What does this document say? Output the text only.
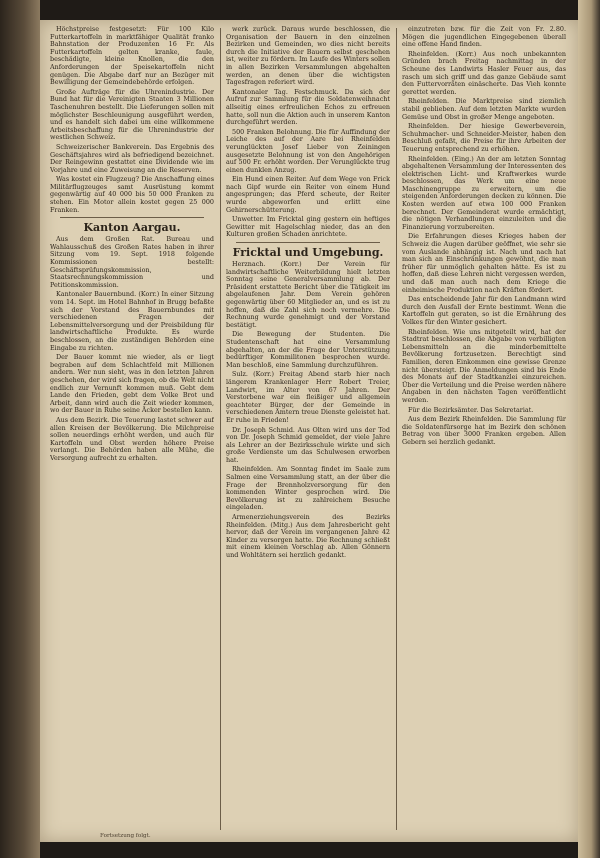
Höchstpreise festgesetzt: Für 100 Kilo Futterkartoffeln in marktfähiger Qualität franko Bahnstation der Produzenten 16 Fr. Als Futterkartoffeln gelten kranke, faule, beschädigte, kleine Knollen, die den Anforderungen der Speisekartoffeln nicht genügen. Die Abgabe darf nur an Bezüger mit Bewilligung der Gemeindebehörde erfolgen.

Große Aufträge für die Uhrenindustrie. Der Bund hat für die Vereinigten Staaten 3 Millionen Taschenuhren bestellt. Die Lieferungen sollen mit möglichster Beschleunigung ausgeführt werden, und es handelt sich dabei um eine willkommene Arbeitsbeschaffung für die Uhrenindustrie der westlichen Schweiz.

Schweizerischer Bankverein. Das Ergebnis des Geschäftsjahres wird als befriedigend bezeichnet. Der Reingewinn gestattet eine Dividende wie im Vorjahre und eine Zuweisung an die Reserven.

Was kostet ein Flugzeug? Die Anschaffung eines Militärflugzeuges samt Ausrüstung kommt gegenwärtig auf 40 000 bis 50 000 Franken zu stehen. Ein Motor allein kostet gegen 25 000 Franken.

Kanton Aargau.

Aus dem Großen Rat. Bureau und Wahlausschuß des Großen Rates haben in ihrer Sitzung vom 19. Sept. 1918 folgende Kommissionen bestellt: Geschäftsprüfungskommission, Staatsrechnungskommission und Petitionskommission.

Kantonaler Bauernbund. (Korr.) In einer Sitzung vom 14. Sept. im Hotel Bahnhof in Brugg befaßte sich der Vorstand des Bauernbundes mit verschiedenen Fragen der Lebensmittelversorgung und der Preisbildung für landwirtschaftliche Produkte. Es wurde beschlossen, an die zuständigen Behörden eine Eingabe zu richten.

Der Bauer kommt nie wieder, als er liegt begraben auf dem Schlachtfeld mit Millionen andern. Wer nun sieht, was in den letzten Jahren geschehen, der wird sich fragen, ob die Welt nicht endlich zur Vernunft kommen muß. Gebt dem Lande den Frieden, gebt dem Volke Brot und Arbeit, dann wird auch die Zeit wieder kommen, wo der Bauer in Ruhe seine Äcker bestellen kann.

Aus dem Bezirk. Die Teuerung lastet schwer auf allen Kreisen der Bevölkerung. Die Milchpreise sollen neuerdings erhöht werden, und auch für Kartoffeln und Obst werden höhere Preise verlangt. Die Behörden haben alle Mühe, die Versorgung aufrecht zu erhalten.

werk zurück. Daraus wurde beschlossen, die Organisation der Bauern in den einzelnen Bezirken und Gemeinden, wo dies nicht bereits durch die Initiative der Bauern selbst geschehen ist, weiter zu fördern. Im Laufe des Winters sollen in allen Bezirken Versammlungen abgehalten werden, an denen über die wichtigsten Tagesfragen referiert wird.

Kantonaler Tag. Festschmuck. Da sich der Aufruf zur Sammlung für die Soldatenweihnacht allseitig eines erfreulichen Echos zu erfreuen hatte, soll nun die Aktion auch in unserem Kanton durchgeführt werden.

500 Franken Belohnung. Die für Auffindung der Leiche des auf der Aare bei Rheinfelden verunglückten Josef Lieber von Zeiningen ausgesetzte Belohnung ist von den Angehörigen auf 500 Fr. erhöht worden. Der Verunglückte trug einen dunklen Anzug.

Ein Hund einen Reiter. Auf dem Wege von Frick nach Gipf wurde ein Reiter von einem Hund angesprungen; das Pferd scheute, der Reiter wurde abgeworfen und erlitt eine Gehirnerschütterung.

Unwetter. Im Fricktal ging gestern ein heftiges Gewitter mit Hagelschlag nieder, das an den Kulturen großen Schaden anrichtete.

Fricktal und Umgebung.

Herznach. (Korr.) Der Verein für landwirtschaftliche Weiterbildung hielt letzten Sonntag seine Generalversammlung ab. Der Präsident erstattete Bericht über die Tätigkeit im abgelaufenen Jahr. Dem Verein gehören gegenwärtig über 60 Mitglieder an, und es ist zu hoffen, daß die Zahl sich noch vermehre. Die Rechnung wurde genehmigt und der Vorstand bestätigt.

Die Bewegung der Studenten. Die Studentenschaft hat eine Versammlung abgehalten, an der die Frage der Unterstützung bedürftiger Kommilitonen besprochen wurde. Man beschloß, eine Sammlung durchzuführen.

Sulz. (Korr.) Freitag Abend starb hier nach längerem Krankenlager Herr Robert Treier, Landwirt, im Alter von 67 Jahren. Der Verstorbene war ein fleißiger und allgemein geachteter Bürger, der der Gemeinde in verschiedenen Ämtern treue Dienste geleistet hat. Er ruhe in Frieden!

Dr. Joseph Schmid. Aus Olten wird uns der Tod von Dr. Joseph Schmid gemeldet, der viele Jahre als Lehrer an der Bezirksschule wirkte und sich große Verdienste um das Schulwesen erworben hat.

Rheinfelden. Am Sonntag findet im Saale zum Salmen eine Versammlung statt, an der über die Frage der Brennholzversorgung für den kommenden Winter gesprochen wird. Die Bevölkerung ist zu zahlreichem Besuche eingeladen.

Armenerziehungsverein des Bezirks Rheinfelden. (Mitg.) Aus dem Jahresbericht geht hervor, daß der Verein im vergangenen Jahre 42 Kinder zu versorgen hatte. Die Rechnung schließt mit einem kleinen Vorschlag ab. Allen Gönnern und Wohltätern sei herzlich gedankt.

einzutreten bzw. für die Zeit von Fr. 2.80. Mögen die jugendlichen Eingegebenen überall eine offene Hand finden.

Rheinfelden. (Korr.) Aus noch unbekannten Gründen brach Freitag nachmittag in der Scheune des Landwirts Hasler Feuer aus, das rasch um sich griff und das ganze Gebäude samt den Futtervorräten einäscherte. Das Vieh konnte gerettet werden.

Rheinfelden. Die Marktpreise sind ziemlich stabil geblieben. Auf dem letzten Markte wurden Gemüse und Obst in großer Menge angeboten.

Rheinfelden. Der hiesige Gewerbeverein, Schuhmacher- und Schneider-Meister, haben den Beschluß gefaßt, die Preise für ihre Arbeiten der Teuerung entsprechend zu erhöhen.

Rheinfelden. (Eing.) An der am letzten Sonntag abgehaltenen Versammlung der Interessenten des elektrischen Licht- und Kraftwerkes wurde beschlossen, das Werk um eine neue Maschinengruppe zu erweitern, um die steigenden Anforderungen decken zu können. Die Kosten werden auf etwa 100 000 Franken berechnet. Der Gemeinderat wurde ermächtigt, die nötigen Verhandlungen einzuleiten und die Finanzierung vorzubereiten.

Die Erfahrungen dieses Krieges haben der Schweiz die Augen darüber geöffnet, wie sehr sie vom Auslande abhängig ist. Nach und nach hat man sich an Einschränkungen gewöhnt, die man früher für unmöglich gehalten hätte. Es ist zu hoffen, daß diese Lehren nicht vergessen werden, und daß man auch nach dem Kriege die einheimische Produktion nach Kräften fördert.

Das entscheidende Jahr für den Landmann wird durch den Ausfall der Ernte bestimmt. Wenn die Kartoffeln gut geraten, so ist die Ernährung des Volkes für den Winter gesichert.

Rheinfelden. Wie uns mitgeteilt wird, hat der Stadtrat beschlossen, die Abgabe von verbilligten Lebensmitteln an die minderbemittelte Bevölkerung fortzusetzen. Berechtigt sind Familien, deren Einkommen eine gewisse Grenze nicht übersteigt. Die Anmeldungen sind bis Ende des Monats auf der Stadtkanzlei einzureichen. Über die Verteilung und die Preise werden nähere Angaben in den nächsten Tagen veröffentlicht werden.

Für die Bezirksämter. Das Sekretariat.

Aus dem Bezirk Rheinfelden. Die Sammlung für die Soldatenfürsorge hat im Bezirk den schönen Betrag von über 3000 Franken ergeben. Allen Gebern sei herzlich gedankt.

Fortsetzung folgt.
